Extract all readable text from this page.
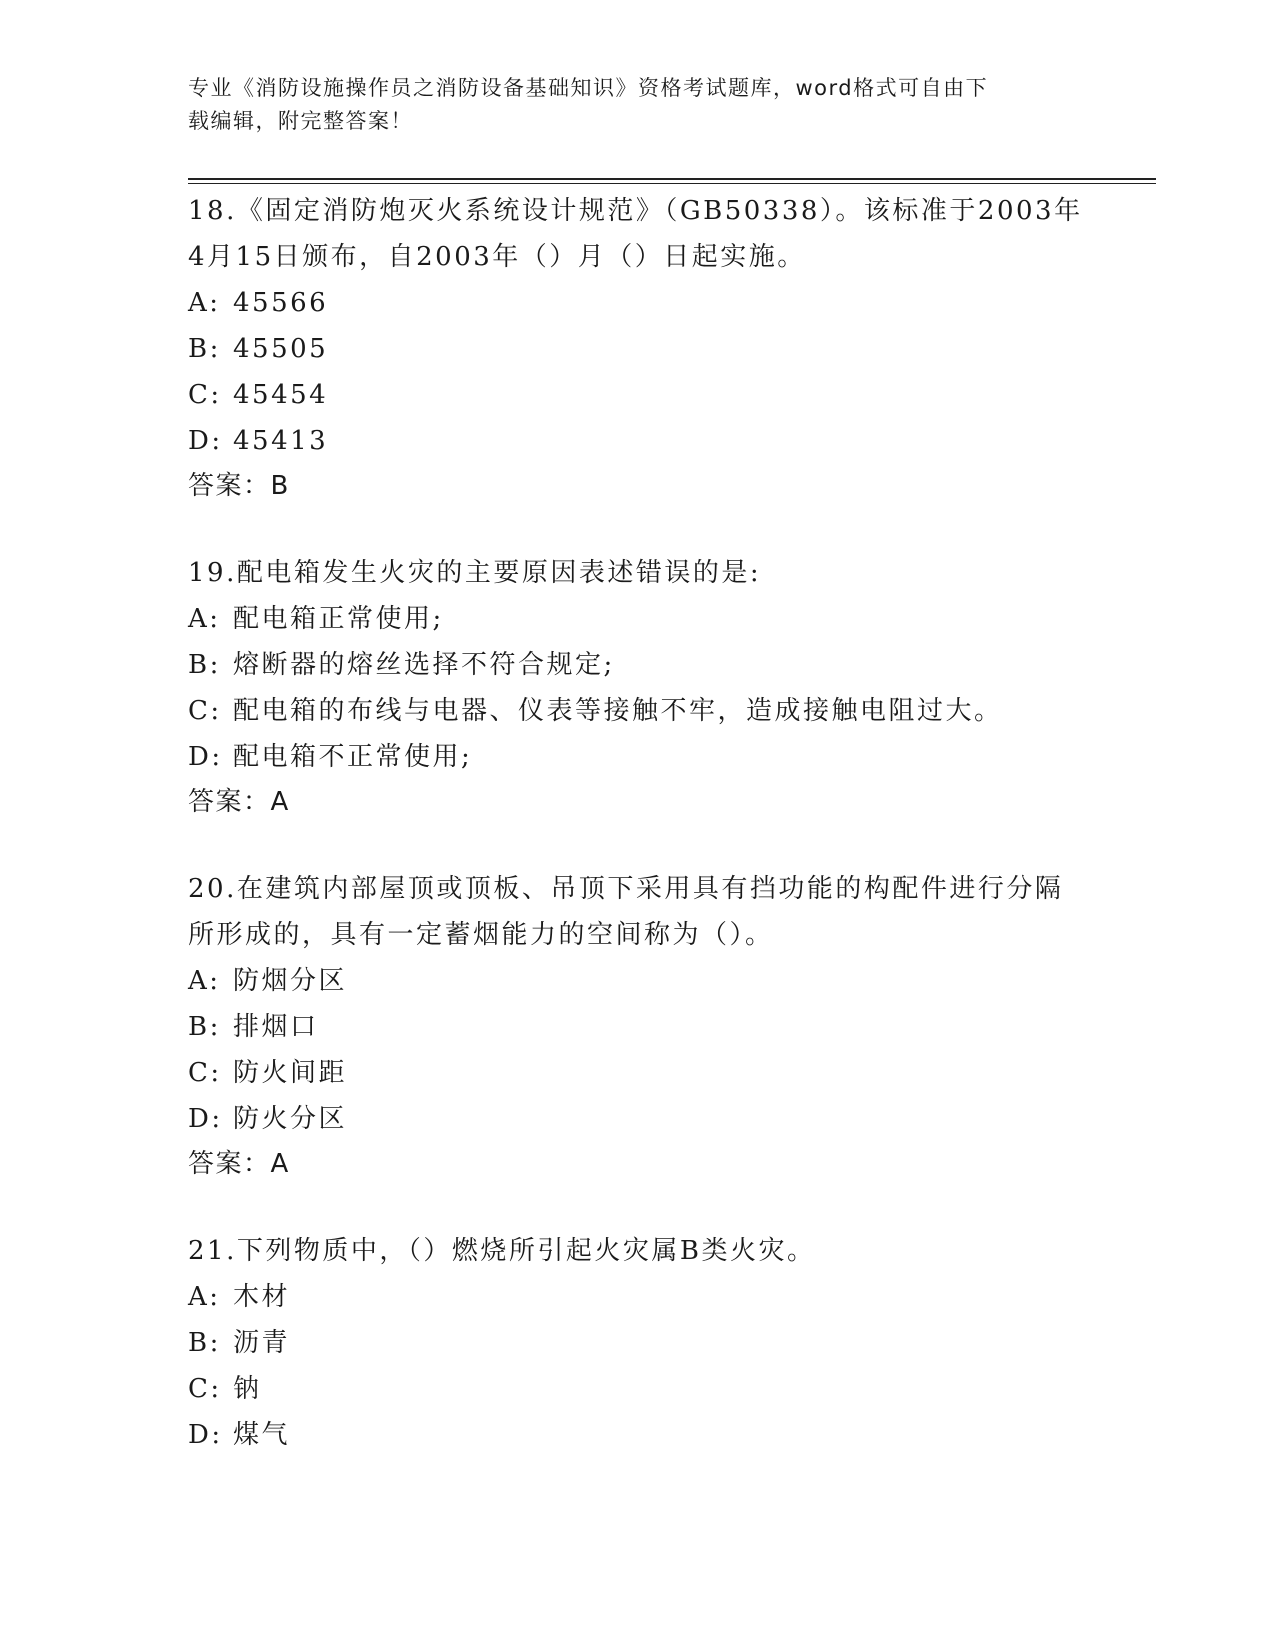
专业《消防设施操作员之消防设备基础知识》资格考试题库，word格式可自由下
载编辑，附完整答案！
18.《固定消防炮灭火系统设计规范》（GB50338）。该标准于2003年
4月15日颁布，自2003年（）月（）日起实施。
A: 45566
B: 45505
C: 45454
D: 45413
答案：B
19.配电箱发生火灾的主要原因表述错误的是:
A: 配电箱正常使用;
B: 熔断器的熔丝选择不符合规定;
C: 配电箱的布线与电器、仪表等接触不牢，造成接触电阻过大。
D: 配电箱不正常使用;
答案：A
20.在建筑内部屋顶或顶板、吊顶下采用具有挡功能的构配件进行分隔
所形成的，具有一定蓄烟能力的空间称为（）。
A: 防烟分区
B: 排烟口
C: 防火间距
D: 防火分区
答案：A
21.下列物质中，（）燃烧所引起火灾属B类火灾。
A: 木材
B: 沥青
C: 钠
D: 煤气
